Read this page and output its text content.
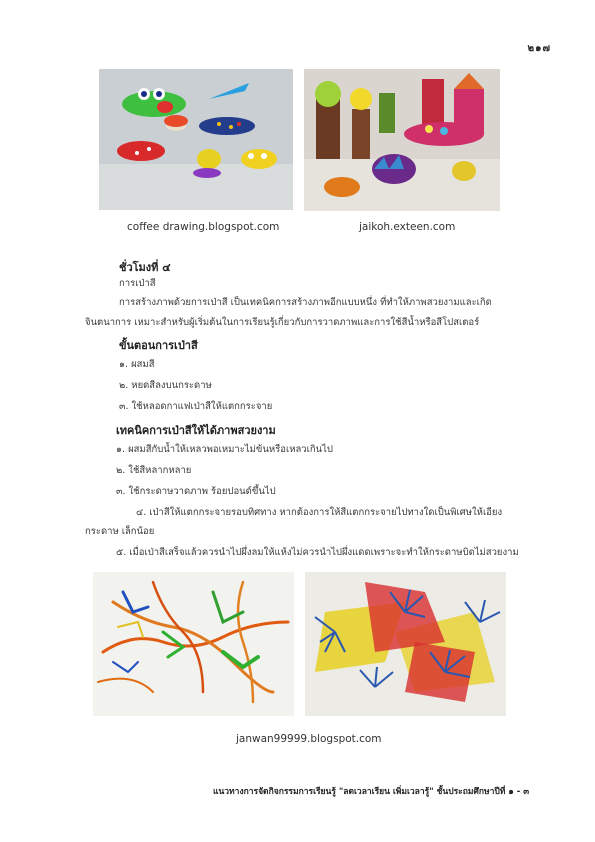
๒๑๗
coffee drawing.blogspot.com	jaikoh.exteen.com
ชั่วโมงที่ ๔
การเป่าสี
การสร้างภาพด้วยการเป่าสี เป็นเทคนิคการสร้างภาพอีกแบบหนึ่ง ที่ทำให้ภาพสวยงามและเกิด
จินตนาการ เหมาะสำหรับผู้เริ่มต้นในการเรียนรู้เกี่ยวกับการวาดภาพและการใช้สีน้ำหรือสีโปสเตอร์
ขั้นตอนการเป่าสี
๑. ผสมสี
๒. หยดสีลงบนกระดาษ
๓. ใช้หลอดกาแฟเป่าสีให้แตกกระจาย
เทคนิคการเป่าสีให้ได้ภาพสวยงาม
๑. ผสมสีกับน้ำให้เหลวพอเหมาะไม่ข้นหรือเหลวเกินไป
๒. ใช้สีหลากหลาย
๓. ใช้กระดาษวาดภาพ ร้อยปอนด์ขึ้นไป
๔. เป่าสีให้แตกกระจายรอบทิศทาง หากต้องการให้สีแตกกระจายไปทางใดเป็นพิเศษให้เอียง
กระดาษ เล็กน้อย
๕. เมื่อเป่าสีเสร็จแล้วควรนำไปผึ่งลมให้แห้งไม่ควรนำไปผึ่งแดดเพราะจะทำให้กระดาษบิดไม่สวยงาม
janwan99999.blogspot.com
แนวทางการจัดกิจกรรมการเรียนรู้ "ลดเวลาเรียน เพิ่มเวลารู้" ชั้นประถมศึกษาปีที่ ๑ - ๓
